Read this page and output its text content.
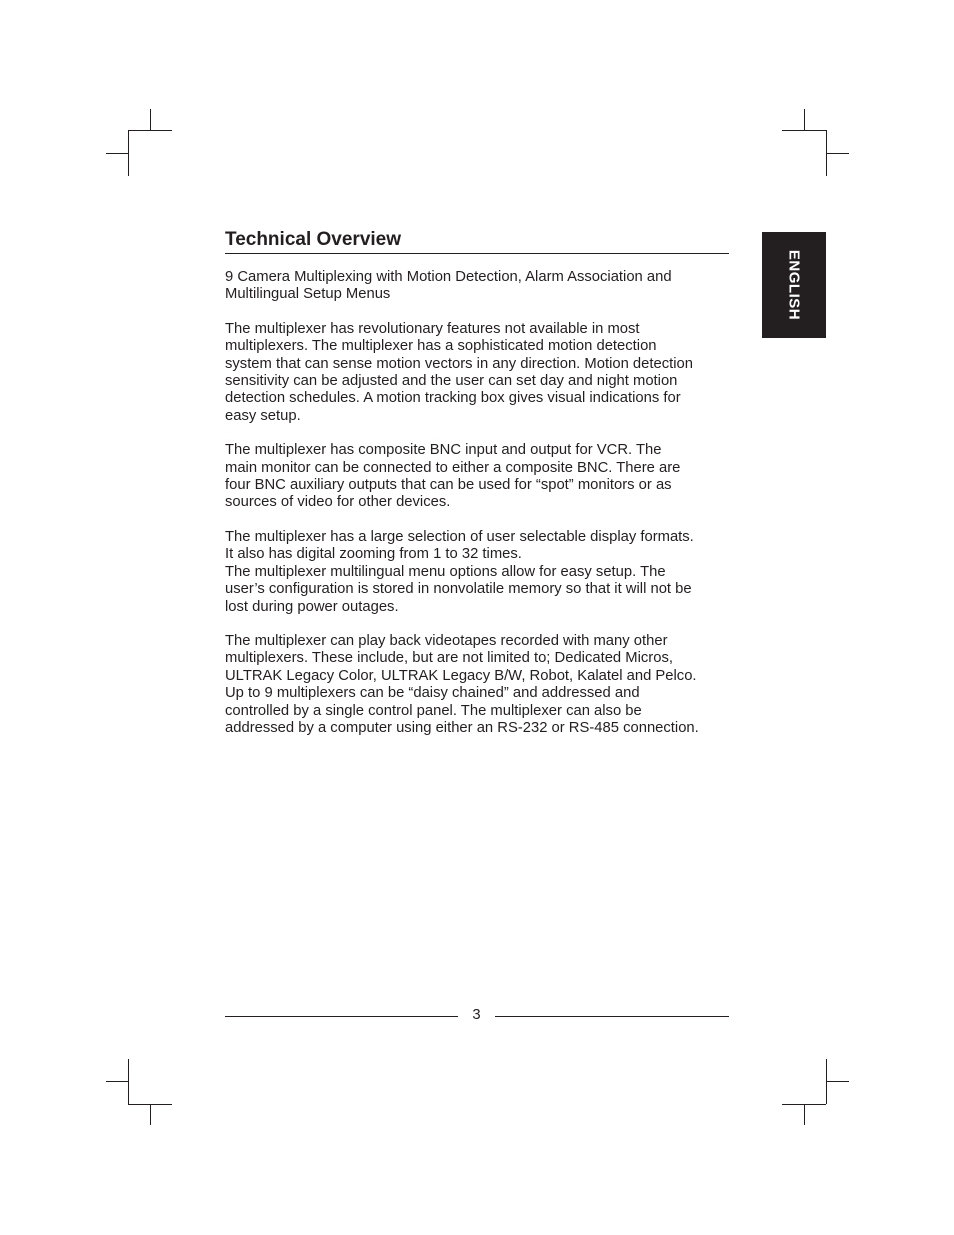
Technical Overview
ENGLISH

9 Camera Multiplexing with Motion Detection, Alarm Association and
Multilingual Setup Menus

The multiplexer has revolutionary features not available in most
multiplexers. The multiplexer has a sophisticated motion detection
system that can sense motion vectors in any direction. Motion detection
sensitivity can be adjusted and the user can set day and night motion
detection schedules. A motion tracking box gives visual indications for
easy setup.

The multiplexer has composite BNC input and output for VCR. The
main monitor can be connected to either a composite BNC. There are
four BNC auxiliary outputs that can be used for “spot” monitors or as
sources of video for other devices.

The multiplexer has a large selection of user selectable display formats.
It also has digital zooming from 1 to 32 times.
The multiplexer multilingual menu options allow for easy setup. The
user’s configuration is stored in nonvolatile memory so that it will not be
lost during power outages.

The multiplexer can play back videotapes recorded with many other
multiplexers. These include, but are not limited to; Dedicated Micros,
ULTRAK Legacy Color, ULTRAK Legacy B/W, Robot, Kalatel and Pelco.
Up to 9 multiplexers can be “daisy chained” and addressed and
controlled by a single control panel. The multiplexer can also be
addressed by a computer using either an RS-232 or RS-485 connection.

3
